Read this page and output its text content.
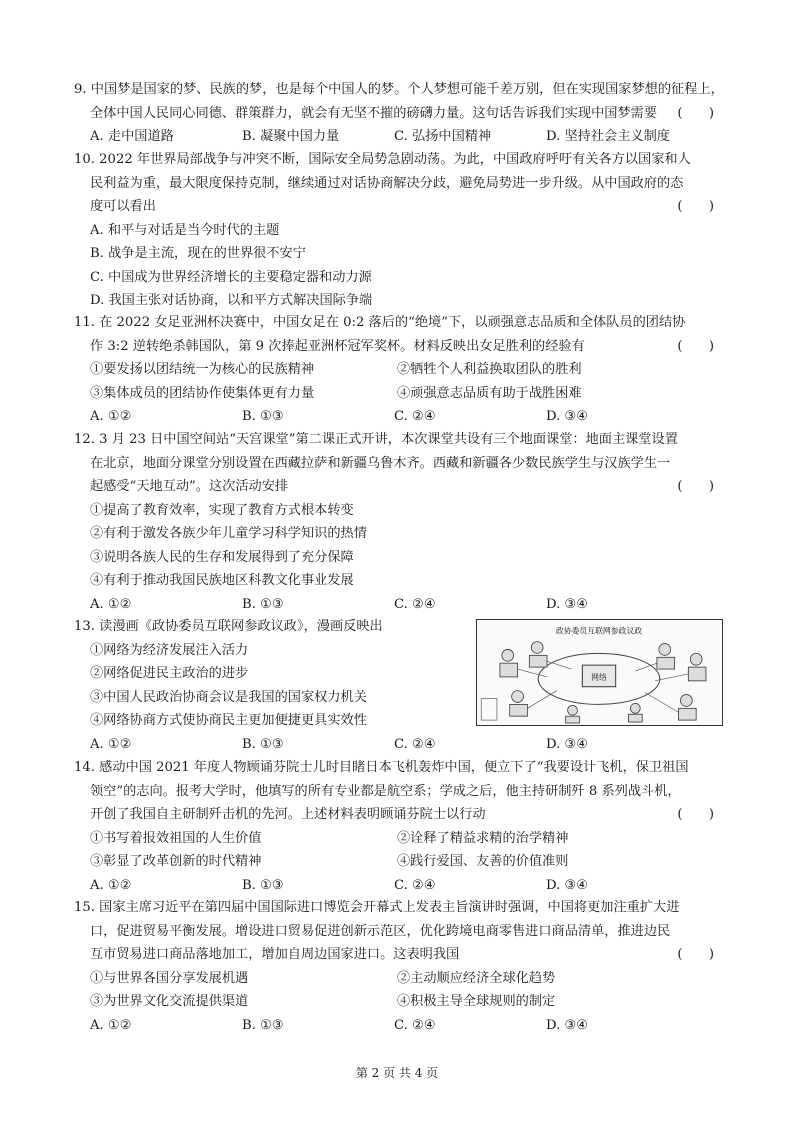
9. 中国梦是国家的梦、民族的梦，也是每个中国人的梦。个人梦想可能千差万别，但在实现国家梦想的征程上，
全体中国人民同心同德、群策群力，就会有无坚不摧的磅礴力量。这句话告诉我们实现中国梦需要 (　　)
A. 走中国道路	B. 凝聚中国力量	C. 弘扬中国精神	D. 坚持社会主义制度
10. 2022 年世界局部战争与冲突不断，国际安全局势急剧动荡。为此，中国政府呼吁有关各方以国家和人
民利益为重，最大限度保持克制，继续通过对话协商解决分歧，避免局势进一步升级。从中国政府的态
度可以看出	(　　)
A. 和平与对话是当今时代的主题
B. 战争是主流，现在的世界很不安宁
C. 中国成为世界经济增长的主要稳定器和动力源
D. 我国主张对话协商，以和平方式解决国际争端
11. 在 2022 女足亚洲杯决赛中，中国女足在 0:2 落后的“绝境”下，以顽强意志品质和全体队员的团结协
作 3:2 逆转绝杀韩国队，第 9 次捧起亚洲杯冠军奖杯。材料反映出女足胜利的经验有	(　　)
①要发扬以团结统一为核心的民族精神	②牺牲个人利益换取团队的胜利
③集体成员的团结协作使集体更有力量	④顽强意志品质有助于战胜困难
A. ①②	B. ①③	C. ②④	D. ③④
12. 3 月 23 日中国空间站“天宫课堂”第二课正式开讲，本次课堂共设有三个地面课堂：地面主课堂设置
在北京，地面分课堂分别设置在西藏拉萨和新疆乌鲁木齐。西藏和新疆各少数民族学生与汉族学生一
起感受“天地互动”。这次活动安排	(　　)
①提高了教育效率，实现了教育方式根本转变
②有利于激发各族少年儿童学习科学知识的热情
③说明各族人民的生存和发展得到了充分保障
④有利于推动我国民族地区科教文化事业发展
A. ①②	B. ①③	C. ②④	D. ③④
13. 读漫画《政协委员互联网参政议政》，漫画反映出
①网络为经济发展注入活力
②网络促进民主政治的进步
③中国人民政治协商会议是我国的国家权力机关
④网络协商方式使协商民主更加便捷更具实效性
A. ①②	B. ①③	C. ②④	D. ③④
政协委员互联网参政议政
网络
14. 感动中国 2021 年度人物顾诵芬院士儿时目睹日本飞机轰炸中国，便立下了“我要设计飞机，保卫祖国
领空”的志向。报考大学时，他填写的所有专业都是航空系；学成之后，他主持研制歼 8 系列战斗机，
开创了我国自主研制歼击机的先河。上述材料表明顾诵芬院士以行动	(　　)
①书写着报效祖国的人生价值	②诠释了精益求精的治学精神
③彰显了改革创新的时代精神	④践行爱国、友善的价值准则
A. ①②	B. ①③	C. ②④	D. ③④
15. 国家主席习近平在第四届中国国际进口博览会开幕式上发表主旨演讲时强调，中国将更加注重扩大进
口，促进贸易平衡发展。增设进口贸易促进创新示范区，优化跨境电商零售进口商品清单，推进边民
互市贸易进口商品落地加工，增加自周边国家进口。这表明我国	(　　)
①与世界各国分享发展机遇	②主动顺应经济全球化趋势
③为世界文化交流提供渠道	④积极主导全球规则的制定
A. ①②	B. ①③	C. ②④	D. ③④
第 2 页 共 4 页
